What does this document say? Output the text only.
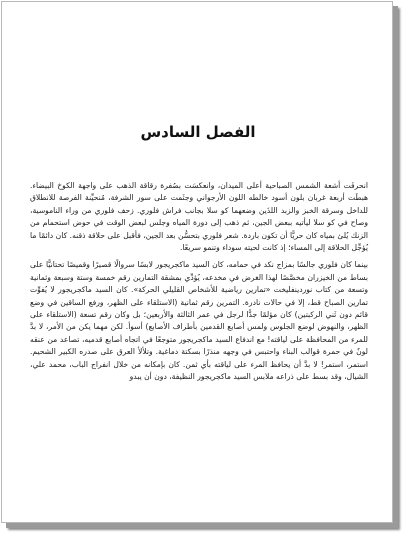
الفصل السادس

انحرفَت أشعة الشمس الصباحية أعلى الميدان، وانعكسَت بصُفرة رقاقة الذهب على واجهة الكوخ البيضاء. هبطَت أربعة غربان بلون أسود خالطه اللون الأرجواني وجثَمت على سور الشرفة، مُنحيِّنة الفرصة للانطلاق للداخل وسرقة الخبز والزبد اللذَين وضعهما كو سلا بجانب فراش فلوري. زحف فلوري من وراء الناموسية، وصاح في كو سلا ليأتيه ببعض الجين، ثم ذهب إلى دورة المياه وجلس لبعض الوقت في حوض استحمام من الزنك يُلئ بمياه كان حريًّا أن تكون باردة. شعر فلوري بتحسُّن بعد الجين، فأقبل على حلاقة ذقنه. كان دائمًا ما يُؤجِّل الحلاقة إلى المساء؛ إذ كانت لحيته سوداء وتنمو سريعًا.

بينما كان فلوري جالسًا بمزاج نكد في حمامه، كان السيد ماكجريجور لابسًا سروالًا قصيرًا وقميصًا تحتانيًّا على بساط من الخيزران مخصَّصًا لهذا الغرض في مخدعه، يُؤدِّي بمشقة التمارين رقم خمسة وستة وسبعة وثمانية وتسعة من كتاب نوردينفليخت «تمارين رياضية للأشخاص القليلي الحركة». كان السيد ماكجريجور لا يُفوِّت تمارين الصباح قط، إلا في حالات نادرة. التمرين رقم ثمانية (الاستلقاء على الظهر، ورفع الساقين في وضع قائم دون ثَني الركبتين) كان مؤلمًا جدًّا لرجل في عمر الثالثة والأربعين؛ بل وكان رقم تسعة (الاستلقاء على الظهر، والنهوض لوضع الجلوس ولمس أصابع القدمين بأطراف الأصابع) أسوأ. لكن مهما يكن من الأمر، لا بدَّ للمرء من المحافظة على لياقته! مع اندفاع السيد ماكجريجور متوجعًا في اتجاه أصابع قدميه، تصاعد من عنقه لونٌ في حمرة قوالب البناء واحتبس في وجهه منذرًا بسكتة دماغية. وتلألأ العرق على صدره الكبير الشحيم. استمر، استمر! لا بدَّ أن يحافظ المرء على لياقته بأي ثمن. كان بإمكانه من خلال انفراج الباب، محمد علي، الشيال، وقد بسط على ذراعه ملابس السيد ماكجريجور النظيفة، دون أن يبدو
